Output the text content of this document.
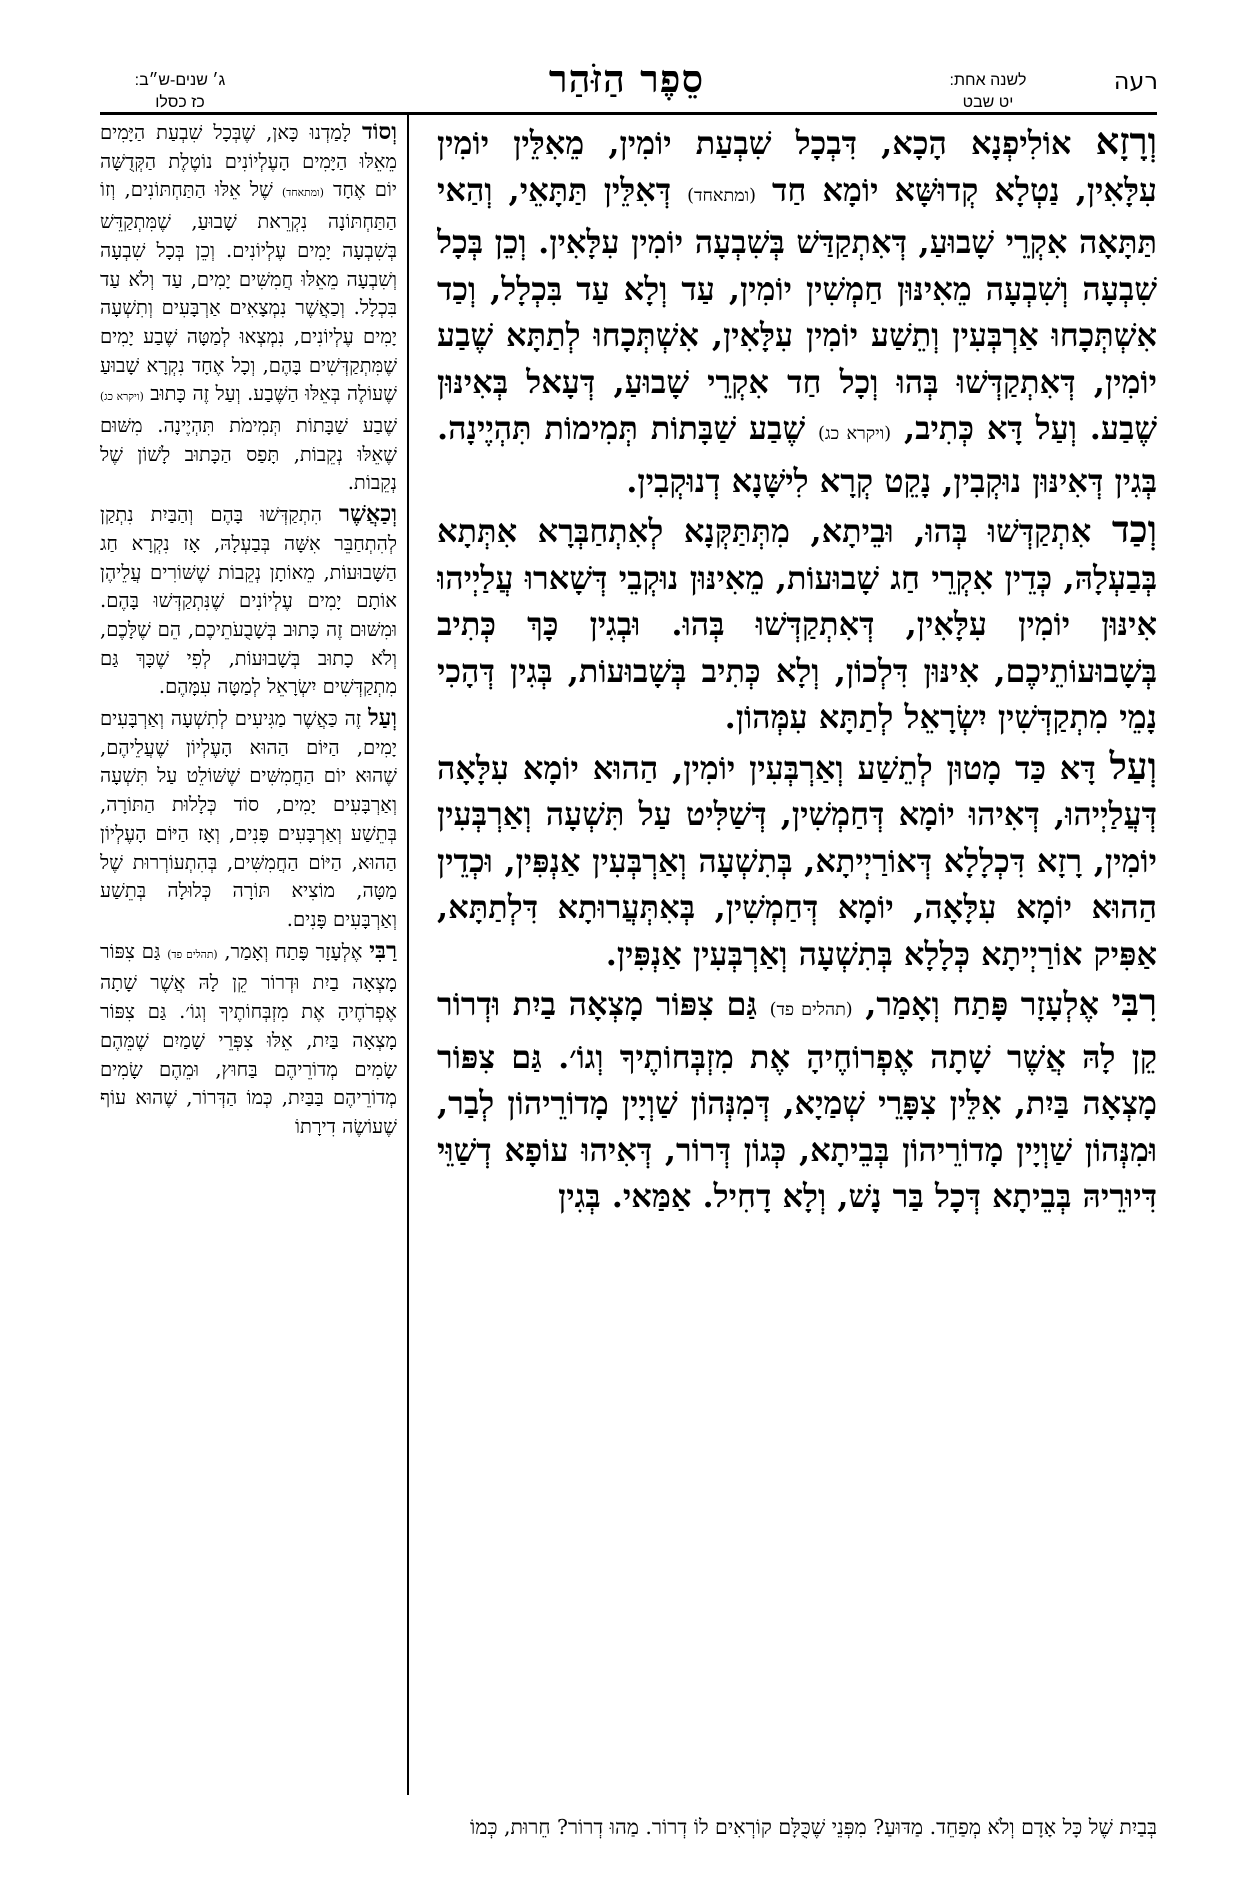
רעה
לשנה אחת:
יט שבט
סֵפֶר הַזֹּהַר
ג׳ שנים-ש״ב:
כז כסלו

וְרָזָא אוֹלִיפְנָא הָכָא, דִּבְכָל שִׁבְעַת יוֹמִין, מֵאִלֵּין יוֹמִין עִלָּאִין, נַטְלָא קְדוּשָּׁא יוֹמָא חַד (ומתאחד) דְּאִלֵּין תַּתָּאֵי, וְהַאי תַּתָּאָה אִקְרֵי שָׁבוּעַ, דְּאִתְקַדַּשׁ בְּשִׁבְעָה יוֹמִין עִלָּאִין. וְכֵן בְּכָל שִׁבְעָה וְשִׁבְעָה מֵאִינּוּן חַמְשִׁין יוֹמִין, עַד וְלָא עַד בִּכְלָל, וְכַד אִשְׁתְּכָחוּ אַרְבְּעִין וְתֵשַׁע יוֹמִין עִלָּאִין, אִשְׁתְּכָחוּ לְתַתָּא שֶׁבַע יוֹמִין, דְּאִתְקַדְּשׁוּ בְּהוּ וְכָל חַד אִקְרֵי שָׁבוּעַ, דְּעָאל בְּאִינּוּן שֶׁבַע. וְעַל דָּא כְּתִיב, (ויקרא כג) שֶׁבַע שַׁבָּתוֹת תְּמִימוֹת תִּהְיֶינָה. בְּגִין דְּאִינּוּן נוּקְבִין, נָקֵט קְרָא לִישָּׁנָא דְנוּקְבִין.

וְכַד אִתְקַדְּשׁוּ בְּהוּ, וּבֵיתָא, מִתְּתַּקְּנָא לְאִתְחַבְּרָא אִתְּתָא בְּבַעְלָהּ, כְּדֵין אִקְרֵי חַג שָׁבוּעוֹת, מֵאִינּוּן נוּקְבֵי דְּשָׁארוּ עֲלַיְיהוּ אִינּוּן יוֹמִין עִלָּאִין, דְּאִתְקַדְּשׁוּ בְּהוּ. וּבְגִין כָּךְ כְּתִיב בְּשָׁבוּעוֹתֵיכֶם, אִינּוּן דִּלְכוֹן, וְלָא כְּתִיב בְּשָׁבוּעוֹת, בְּגִין דְּהָכִי נָמֵי מִתְקַדְּשִׁין יִשְׂרָאֵל לְתַתָּא עִמְּהוֹן.

וְעַל דָּא כַּד מָטוּן לְתֵשַׁע וְאַרְבְּעִין יוֹמִין, הַהוּא יוֹמָא עִלָּאָה דְּעֲלַיְיהוּ, דְּאִיהוּ יוֹמָא דְּחַמְשִׁין, דְּשַׁלִּיט עַל תִּשְׁעָה וְאַרְבְּעִין יוֹמִין, רָזָא דִּכְלָלָא דְּאוֹרַיְיתָא, בְּתִשְׁעָה וְאַרְבְּעִין אַנְפִּין, וּכְדֵין הַהוּא יוֹמָא עִלָּאָה, יוֹמָא דְּחַמְשִׁין, בְּאִתְּעֲרוּתָא דִּלְתַתָּא, אַפִּיק אוֹרַיְיתָא כְּלָלָא בְּתִשְׁעָה וְאַרְבְּעִין אַנְפִּין.

רִבִּי אֶלְעָזָר פָּתַח וְאָמַר, (תהלים פד) גַּם צִפּוֹר מָצְאָה בַיִת וּדְרוֹר קֵן לָהּ אֲשֶׁר שָׁתָה אֶפְרוֹחֶיהָ אֶת מִזְבְּחוֹתֶיךָ וְגוֹ׳. גַּם צִפּוֹר מָצְאָה בַּיִת, אִלֵּין צִפָּרֵי שְׁמַיָא, דְּמִנְּהוֹן שַׁוְיָין מָדוֹרֵיהוֹן לְבַר, וּמִנְּהוֹן שַׁוְיָין מָדוֹרֵיהוֹן בְּבֵיתָא, כְּגוֹן דְּרוֹר, דְּאִיהוּ עוֹפָא דְשַׁוֵּי דִּיוּרֵיהּ בְּבֵיתָא דְּכָל בַּר נָשׁ, וְלָא דָחִיל. אַמַּאי. בְּגִין

וְסוֹד לָמַדְנוּ כָּאן, שֶׁבְּכָל שִׁבְעַת הַיָּמִים מֵאֵלּוּ הַיָּמִים הָעֶלְיוֹנִים נוֹטֶלֶת הַקְּדֻשָּׁה יוֹם אֶחָד (ומתאחד) שֶׁל אֵלּוּ הַתַּחְתּוֹנִים, וְזוֹ הַתַּחְתּוֹנָה נִקְרֵאת שָׁבוּעַ, שֶׁמִּתְקַדֵּשׁ בְּשִׁבְעָה יָמִים עֶלְיוֹנִים. וְכֵן בְּכָל שִׁבְעָה וְשִׁבְעָה מֵאֵלּוּ חֲמִשִּׁים יָמִים, עַד וְלֹא עַד בִּכְלָל. וְכַאֲשֶׁר נִמְצָאִים אַרְבָּעִים וְתִשְׁעָה יָמִים עֶלְיוֹנִים, נִמְצְאוּ לְמַטָּה שֶׁבַע יָמִים שֶׁמִּתְקַדְּשִׁים בָּהֶם, וְכָל אֶחָד נִקְרָא שָׁבוּעַ שֶׁעוֹלֶה בְּאֵלּוּ הַשֶּׁבַע. וְעַל זֶה כָּתוּב (ויקרא כג) שֶׁבַע שַׁבָּתוֹת תְּמִימֹת תִּהְיֶינָה. מִשּׁוּם שֶׁאֵלּוּ נְקֵבוֹת, תָּפַס הַכָּתוּב לָשׁוֹן שֶׁל נְקֵבוֹת.

וְכַאֲשֶׁר הִתְקַדְּשׁוּ בָּהֶם וְהַבַּיִת נִתְקַן לְהִתְחַבֵּר אִשָּׁה בְּבַעְלָהּ, אָז נִקְרָא חַג הַשָּׁבוּעוֹת, מֵאוֹתָן נְקֵבוֹת שֶׁשּׁוֹרִים עֲלֵיהֶן אוֹתָם יָמִים עֶלְיוֹנִים שֶׁנִּתְקַדְּשׁוּ בָּהֶם. וּמִשּׁוּם זֶה כָּתוּב בְּשָׁבֻעֹתֵיכֶם, הֵם שֶׁלָּכֶם, וְלֹא כָתוּב בְּשָׁבוּעוֹת, לְפִי שֶׁכָּךְ גַּם מִתְקַדְּשִׁים יִשְׂרָאֵל לְמַטָּה עִמָּהֶם.

וְעַל זֶה כַּאֲשֶׁר מַגִּיעִים לְתִשְׁעָה וְאַרְבָּעִים יָמִים, הַיּוֹם הַהוּא הָעֶלְיוֹן שֶׁעֲלֵיהֶם, שֶׁהוּא יוֹם הַחֲמִשִּׁים שֶׁשּׁוֹלֵט עַל תִּשְׁעָה וְאַרְבָּעִים יָמִים, סוֹד כְּלָלוּת הַתּוֹרָה, בְּתֵשַׁע וְאַרְבָּעִים פָּנִים, וְאָז הַיּוֹם הָעֶלְיוֹן הַהוּא, הַיּוֹם הַחֲמִשִּׁים, בְּהִתְעוֹרְרוּת שֶׁל מַטָּה, מוֹצִיא תּוֹרָה כְּלוּלָה בְּתֵשַׁע וְאַרְבָּעִים פָּנִים.

רַבִּי אֶלְעָזָר פָּתַח וְאָמַר, (תהלים פד) גַּם צִפּוֹר מָצְאָה בַיִת וּדְרוֹר קֵן לָהּ אֲשֶׁר שָׁתָה אֶפְרֹחֶיהָ אֶת מִזְבְּחוֹתֶיךָ וְגוֹ׳. גַּם צִפּוֹר מָצְאָה בַּיִת, אֵלּוּ צִפְּרֵי שָׁמַיִם שֶׁמֵּהֶם שָׂמִים מְדוֹרֵיהֶם בַּחוּץ, וּמֵהֶם שָׂמִים מְדוֹרֵיהֶם בַּבַּיִת, כְּמוֹ הַדְּרוֹר, שֶׁהוּא עוֹף שֶׁעוֹשֶׂה דִירָתוֹ

בְּבַיִת שֶׁל כָּל אָדָם וְלֹא מְפַחֵד. מַדּוּעַ? מִפְּנֵי שֶׁכֻּלָּם קוֹרְאִים לוֹ דְרוֹר. מַהוּ דְרוֹר? חֵרוּת, כְּמוֹ
